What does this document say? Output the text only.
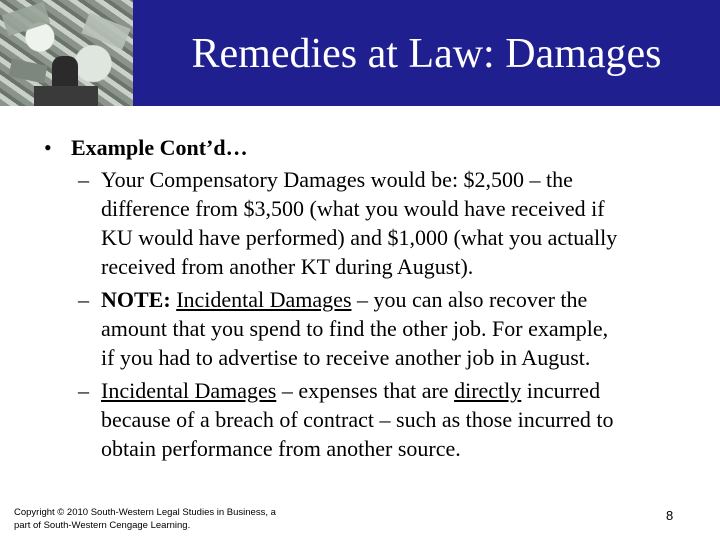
Remedies at Law: Damages
• Example Cont’d…
– Your Compensatory Damages would be: $2,500 – the
difference from $3,500 (what you would have received if
KU would have performed) and $1,000 (what you actually
received from another KT during August).
– NOTE: Incidental Damages – you can also recover the
amount that you spend to find the other job. For example,
if you had to advertise to receive another job in August.
– Incidental Damages – expenses that are directly incurred
because of a breach of contract – such as those incurred to
obtain performance from another source.
Copyright © 2010 South-Western Legal Studies in Business, a
part of South-Western Cengage Learning.
8
